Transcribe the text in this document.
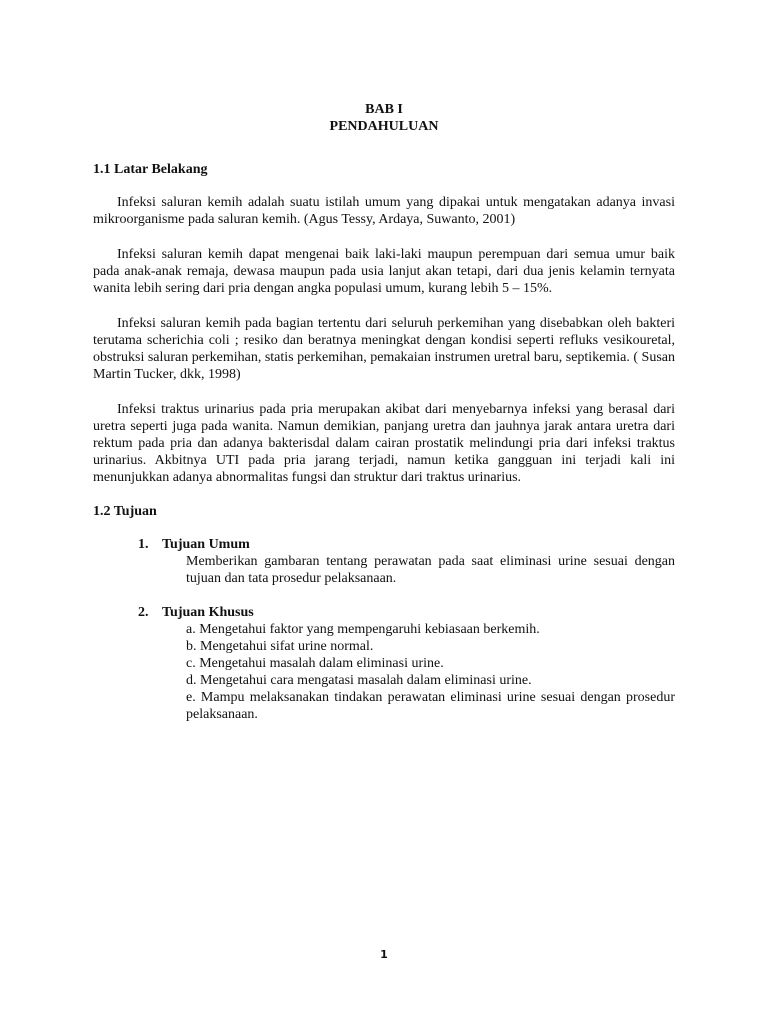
BAB I

PENDAHULUAN

1.1 Latar Belakang

Infeksi saluran kemih adalah suatu istilah umum yang dipakai untuk mengatakan adanya invasi mikroorganisme pada saluran kemih. (Agus Tessy, Ardaya, Suwanto, 2001)

Infeksi saluran kemih dapat mengenai baik laki-laki maupun perempuan dari semua umur baik pada anak-anak remaja, dewasa maupun pada usia lanjut akan tetapi, dari dua jenis kelamin ternyata wanita lebih sering dari pria dengan angka populasi umum, kurang lebih 5 – 15%.

Infeksi saluran kemih pada bagian tertentu dari seluruh perkemihan yang disebabkan oleh bakteri terutama scherichia coli ; resiko dan beratnya meningkat dengan kondisi seperti refluks vesikouretal, obstruksi saluran perkemihan, statis perkemihan, pemakaian instrumen uretral baru, septikemia. ( Susan Martin Tucker, dkk, 1998)

Infeksi traktus urinarius pada pria merupakan akibat dari menyebarnya infeksi yang berasal dari uretra seperti juga pada wanita. Namun demikian, panjang uretra dan jauhnya jarak antara uretra dari rektum pada pria dan adanya bakterisdal dalam cairan prostatik melindungi pria dari infeksi traktus urinarius. Akbitnya UTI pada pria jarang terjadi, namun ketika gangguan ini terjadi kali ini menunjukkan adanya abnormalitas fungsi dan struktur dari traktus urinarius.

1.2 Tujuan

1. Tujuan Umum
Memberikan gambaran tentang perawatan pada saat eliminasi urine sesuai dengan tujuan dan tata prosedur pelaksanaan.
2. Tujuan Khusus
a. Mengetahui faktor yang mempengaruhi kebiasaan berkemih.
b. Mengetahui sifat urine normal.
c. Mengetahui masalah dalam eliminasi urine.
d. Mengetahui cara mengatasi masalah dalam eliminasi urine.
e. Mampu melaksanakan tindakan perawatan eliminasi urine sesuai dengan prosedur pelaksanaan.
1
